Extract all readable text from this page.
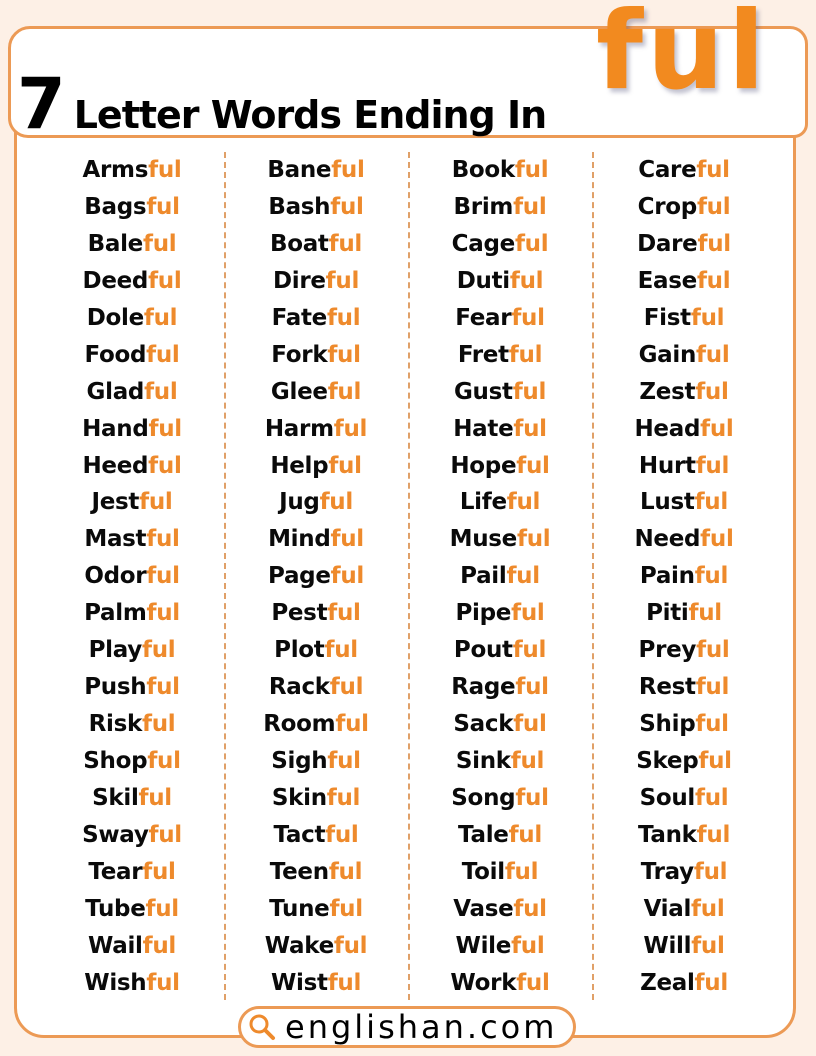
7 Letter Words Ending In
ful
Armsful
Bagsful
Baleful
Deedful
Doleful
Foodful
Gladful
Handful
Heedful
Jestful
Mastful
Odorful
Palmful
Playful
Pushful
Riskful
Shopful
Skilful
Swayful
Tearful
Tubeful
Wailful
Wishful
Baneful
Bashful
Boatful
Direful
Fateful
Forkful
Gleeful
Harmful
Helpful
Jugful
Mindful
Pageful
Pestful
Plotful
Rackful
Roomful
Sighful
Skinful
Tactful
Teenful
Tuneful
Wakeful
Wistful
Bookful
Brimful
Cageful
Dutiful
Fearful
Fretful
Gustful
Hateful
Hopeful
Lifeful
Museful
Pailful
Pipeful
Poutful
Rageful
Sackful
Sinkful
Songful
Taleful
Toilful
Vaseful
Wileful
Workful
Careful
Cropful
Dareful
Easeful
Fistful
Gainful
Zestful
Headful
Hurtful
Lustful
Needful
Painful
Pitiful
Preyful
Restful
Shipful
Skepful
Soulful
Tankful
Trayful
Vialful
Willful
Zealful
englishan.com
